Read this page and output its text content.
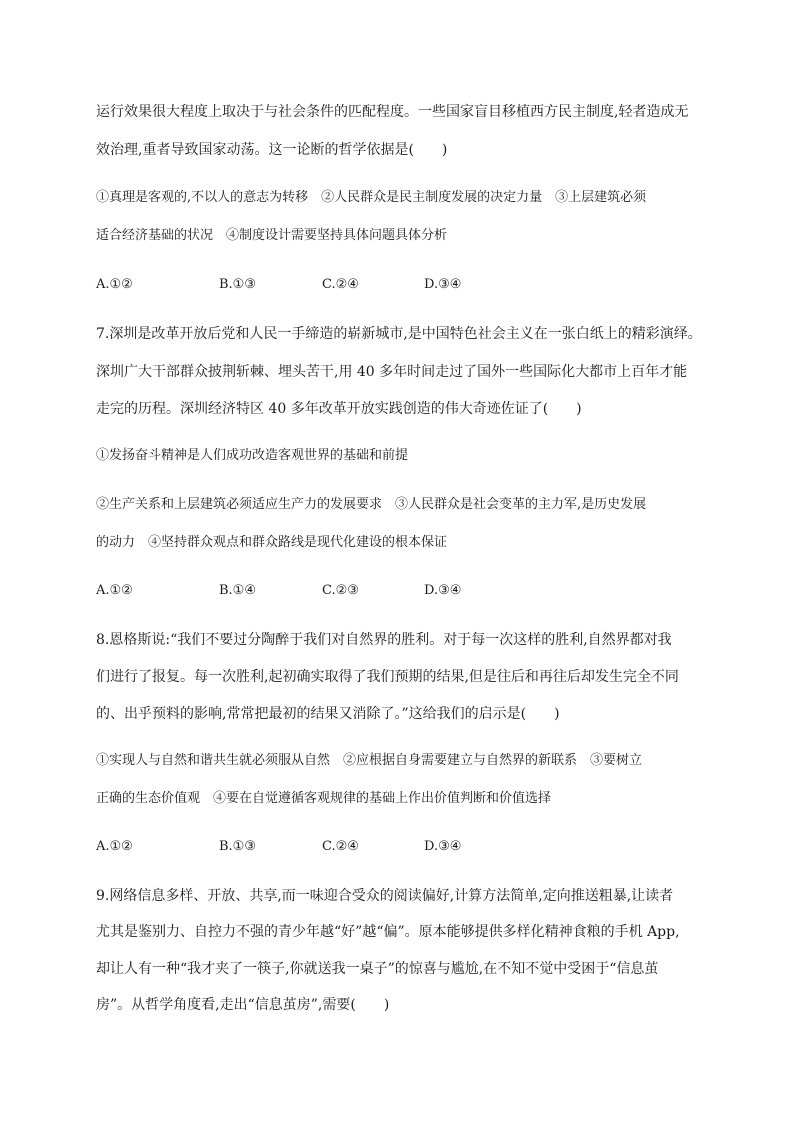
运行效果很大程度上取决于与社会条件的匹配程度。一些国家盲目移植西方民主制度,轻者造成无
效治理,重者导致国家动荡。这一论断的哲学依据是(　　)
①真理是客观的,不以人的意志为转移　②人民群众是民主制度发展的决定力量　③上层建筑必须
适合经济基础的状况　④制度设计需要坚持具体问题具体分析
A.①②	B.①③	C.②④	D.③④
7.深圳是改革开放后党和人民一手缔造的崭新城市,是中国特色社会主义在一张白纸上的精彩演绎。
深圳广大干部群众披荆斩棘、埋头苦干,用 40 多年时间走过了国外一些国际化大都市上百年才能
走完的历程。深圳经济特区 40 多年改革开放实践创造的伟大奇迹佐证了(　　)
①发扬奋斗精神是人们成功改造客观世界的基础和前提
②生产关系和上层建筑必须适应生产力的发展要求　③人民群众是社会变革的主力军,是历史发展
的动力　④坚持群众观点和群众路线是现代化建设的根本保证
A.①②	B.①④	C.②③	D.③④
8.恩格斯说:“我们不要过分陶醉于我们对自然界的胜利。对于每一次这样的胜利,自然界都对我
们进行了报复。每一次胜利,起初确实取得了我们预期的结果,但是往后和再往后却发生完全不同
的、出乎预料的影响,常常把最初的结果又消除了。”这给我们的启示是(　　)
①实现人与自然和谐共生就必须服从自然　②应根据自身需要建立与自然界的新联系　③要树立
正确的生态价值观　④要在自觉遵循客观规律的基础上作出价值判断和价值选择
A.①②	B.①③	C.②④	D.③④
9.网络信息多样、开放、共享,而一味迎合受众的阅读偏好,计算方法简单,定向推送粗暴,让读者
尤其是鉴别力、自控力不强的青少年越“好”越“偏”。原本能够提供多样化精神食粮的手机 App,
却让人有一种“我才夹了一筷子,你就送我一桌子”的惊喜与尴尬,在不知不觉中受困于“信息茧
房”。从哲学角度看,走出“信息茧房”,需要(　　)
